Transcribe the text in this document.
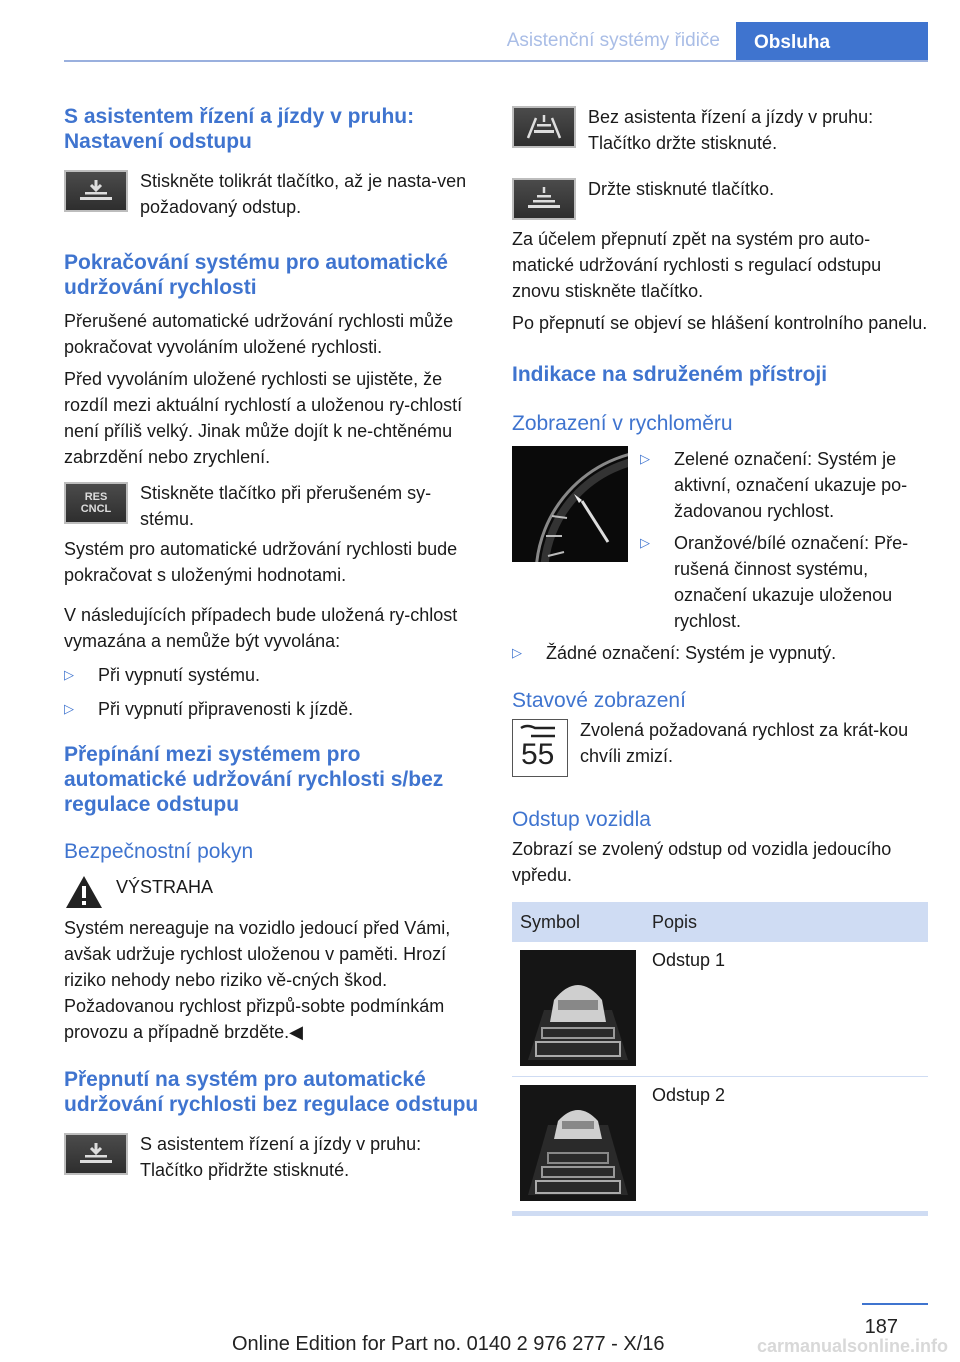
Asistenční systémy řidiče	Obsluha
S asistentem řízení a jízdy v pruhu: Nastavení odstupu
Stiskněte tolikrát tlačítko, až je nasta‐ven požadovaný odstup.
Pokračování systému pro automatické udržování rychlosti
Přerušené automatické udržování rychlosti může pokračovat vyvoláním uložené rychlosti.
Před vyvoláním uložené rychlosti se ujistěte, že rozdíl mezi aktuální rychlostí a uloženou ry‐chlostí není příliš velký. Jinak může dojít k ne‐chtěnému zabrzdění nebo zrychlení.
RES
CNCL
Stiskněte tlačítko při přerušeném sy‐stému.
Systém pro automatické udržování rychlosti bude pokračovat s uloženými hodnotami.
V následujících případech bude uložená ry‐chlost vymazána a nemůže být vyvolána:
▷	Při vypnutí systému.
▷	Při vypnutí připravenosti k jízdě.
Přepínání mezi systémem pro automatické udržování rychlosti s/bez regulace odstupu
Bezpečnostní pokyn
VÝSTRAHA
Systém nereaguje na vozidlo jedoucí před Vámi, avšak udržuje rychlost uloženou v paměti. Hrozí riziko nehody nebo riziko vě‐cných škod. Požadovanou rychlost přizpů‐sobte podmínkám provozu a případně brzděte.◀
Přepnutí na systém pro automatické udržování rychlosti bez regulace odstupu
S asistentem řízení a jízdy v pruhu: Tlačítko přidržte stisknuté.
Bez asistenta řízení a jízdy v pruhu: Tlačítko držte stisknuté.
Držte stisknuté tlačítko.
Za účelem přepnutí zpět na systém pro auto‐matické udržování rychlosti s regulací odstupu znovu stiskněte tlačítko.
Po přepnutí se objeví se hlášení kontrolního panelu.
Indikace na sdruženém přístroji
Zobrazení v rychloměru
▷	Zelené označení: Systém je aktivní, označení ukazuje po‐žadovanou rychlost.
▷	Oranžové/bílé označení: Pře‐rušená činnost systému, označení ukazuje uloženou rychlost.
▷	Žádné označení: Systém je vypnutý.
Stavové zobrazení
55
Zvolená požadovaná rychlost za krát‐kou chvíli zmizí.
Odstup vozidla
Zobrazí se zvolený odstup od vozidla jedoucího vpředu.
Symbol	Popis

	Odstup 1

	Odstup 2
187
Online Edition for Part no. 0140 2 976 277 - X/16	carmanualsonline.info
